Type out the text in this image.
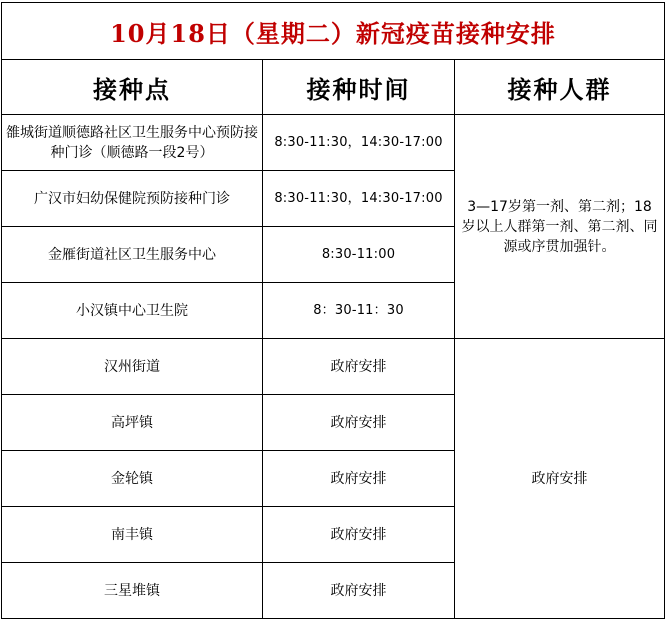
10月18日（星期二）新冠疫苗接种安排		
接种点	接种时间	接种人群
雒城街道顺德路社区卫生服务中心预防接种门诊（顺德路一段2号）	8:30-11:30，14:30-17:00	3—17岁第一剂、第二剂；18岁以上人群第一剂、第二剂、同源或序贯加强针。
广汉市妇幼保健院预防接种门诊	8:30-11:30，14:30-17:00	
金雁街道社区卫生服务中心	8:30-11:00	
小汉镇中心卫生院	8：30-11：30	
汉州街道	政府安排	政府安排
高坪镇	政府安排	
金轮镇	政府安排	
南丰镇	政府安排	
三星堆镇	政府安排	
